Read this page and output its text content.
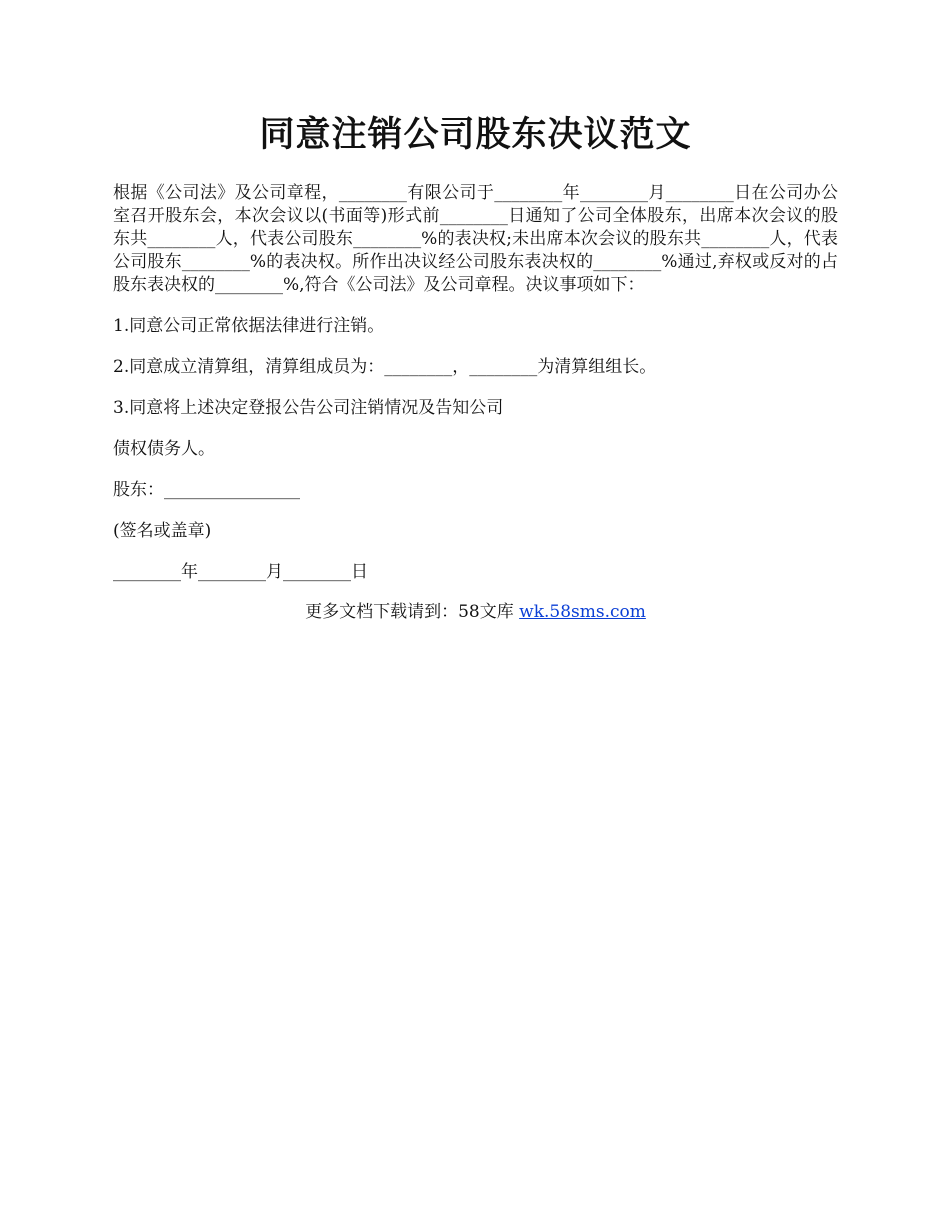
同意注销公司股东决议范文

根据《公司法》及公司章程，________有限公司于________年________月________日在公司办公室召开股东会，本次会议以(书面等)形式前________日通知了公司全体股东，出席本次会议的股东共________人，代表公司股东________%的表决权;未出席本次会议的股东共________人，代表公司股东________%的表决权。所作出决议经公司股东表决权的________%通过,弃权或反对的占股东表决权的________%,符合《公司法》及公司章程。决议事项如下：

1.同意公司正常依据法律进行注销。

2.同意成立清算组，清算组成员为：________，________为清算组组长。

3.同意将上述决定登报公告公司注销情况及告知公司

债权债务人。

股东：________________

(签名或盖章)

________年________月________日

更多文档下载请到：58文库 wk.58sms.com
